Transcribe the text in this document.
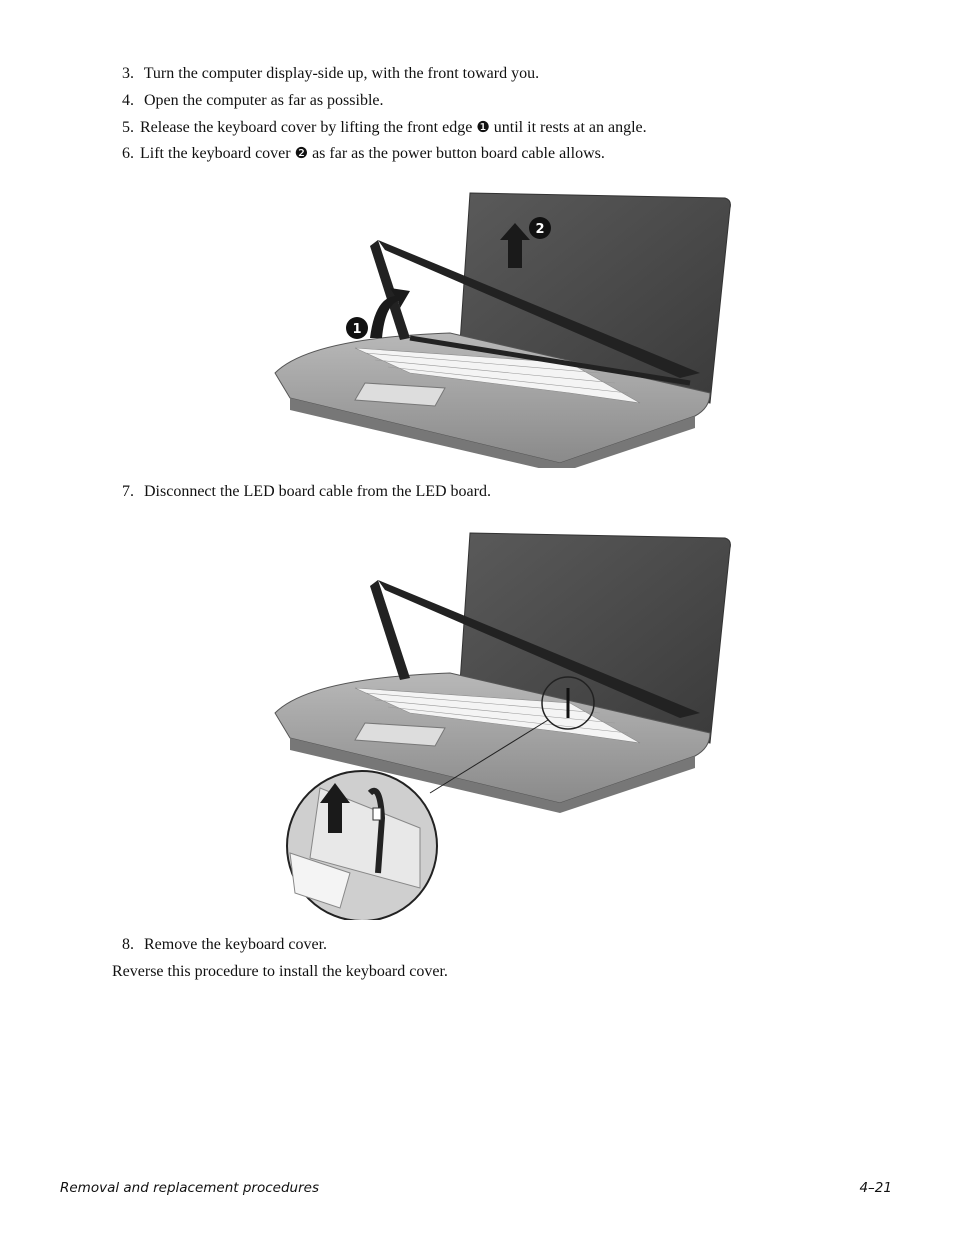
3. Turn the computer display-side up, with the front toward you.
4. Open the computer as far as possible.
5. Release the keyboard cover by lifting the front edge ❶ until it rests at an angle.
6. Lift the keyboard cover ❷ as far as the power button board cable allows.
1
2
7. Disconnect the LED board cable from the LED board.
8. Remove the keyboard cover.
Reverse this procedure to install the keyboard cover.
Removal and replacement procedures	4–21
